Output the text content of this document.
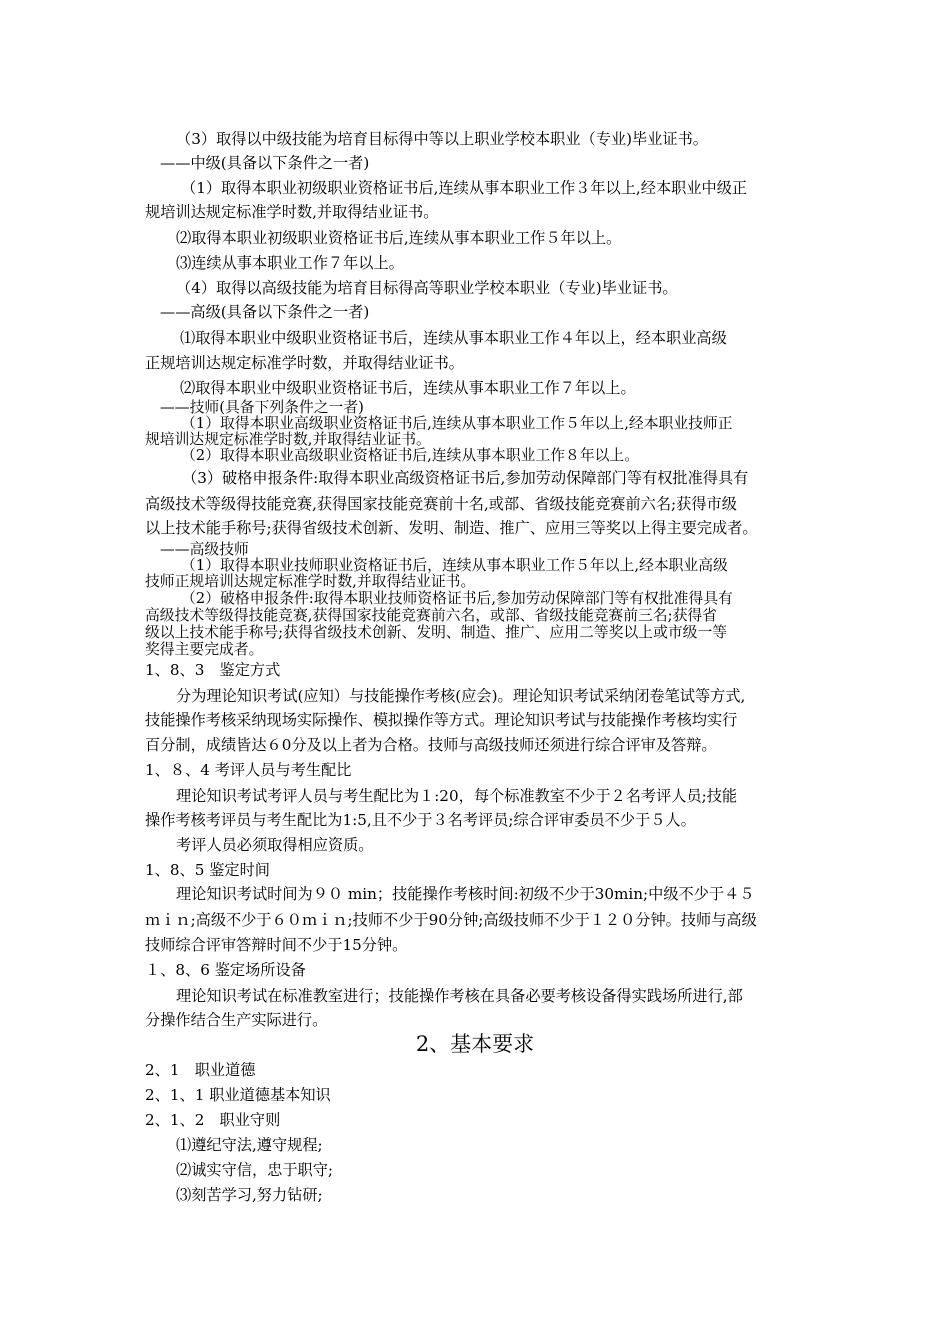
（3）取得以中级技能为培育目标得中等以上职业学校本职业（专业)毕业证书。
——中级(具备以下条件之一者)
（1）取得本职业初级职业资格证书后,连续从事本职业工作３年以上,经本职业中级正
规培训达规定标准学时数,并取得结业证书。
⑵取得本职业初级职业资格证书后,连续从事本职业工作５年以上。
⑶连续从事本职业工作７年以上。
（4）取得以高级技能为培育目标得高等职业学校本职业（专业)毕业证书。
——高级(具备以下条件之一者)
⑴取得本职业中级职业资格证书后，连续从事本职业工作４年以上，经本职业高级
正规培训达规定标准学时数，并取得结业证书。
⑵取得本职业中级职业资格证书后，连续从事本职业工作７年以上。
——技师(具备下列条件之一者)
（1）取得本职业高级职业资格证书后,连续从事本职业工作５年以上,经本职业技师正
规培训达规定标准学时数,并取得结业证书。
（2）取得本职业高级职业资格证书后,连续从事本职业工作８年以上。
（3）破格申报条件:取得本职业高级资格证书后,参加劳动保障部门等有权批准得具有
高级技术等级得技能竞赛,获得国家技能竞赛前十名,或部、省级技能竞赛前六名;获得市级
以上技术能手称号;获得省级技术创新、发明、制造、推广、应用三等奖以上得主要完成者。
——高级技师
（1）取得本职业技师职业资格证书后，连续从事本职业工作５年以上,经本职业高级
技师正规培训达规定标准学时数,并取得结业证书。
（2）破格申报条件:取得本职业技师资格证书后,参加劳动保障部门等有权批准得具有
高级技术等级得技能竞赛,获得国家技能竞赛前六名，或部、省级技能竞赛前三名;获得省
级以上技术能手称号;获得省级技术创新、发明、制造、推广、应用二等奖以上或市级一等
奖得主要完成者。
1、8、3　鉴定方式
分为理论知识考试(应知）与技能操作考核(应会)。理论知识考试采纳闭卷笔试等方式,
技能操作考核采纳现场实际操作、模拟操作等方式。理论知识考试与技能操作考核均实行
百分制，成绩皆达６0分及以上者为合格。技师与高级技师还须进行综合评审及答辩。
1、８、4 考评人员与考生配比
理论知识考试考评人员与考生配比为１:20，每个标准教室不少于２名考评人员;技能
操作考核考评员与考生配比为1:5,且不少于３名考评员;综合评审委员不少于５人。
考评人员必须取得相应资质。
1、8、5 鉴定时间
理论知识考试时间为９０ min；技能操作考核时间:初级不少于30min;中级不少于４５
ｍｉｎ;高级不少于６０ｍｉｎ;技师不少于90分钟;高级技师不少于１２０分钟。技师与高级
技师综合评审答辩时间不少于15分钟。
１、8、6 鉴定场所设备
理论知识考试在标准教室进行；技能操作考核在具备必要考核设备得实践场所进行,部
分操作结合生产实际进行。
2、基本要求
2、1　职业道德
2、1、1 职业道德基本知识
2、1、2　职业守则
⑴遵纪守法,遵守规程;
⑵诚实守信，忠于职守;
⑶刻苦学习,努力钻研;
